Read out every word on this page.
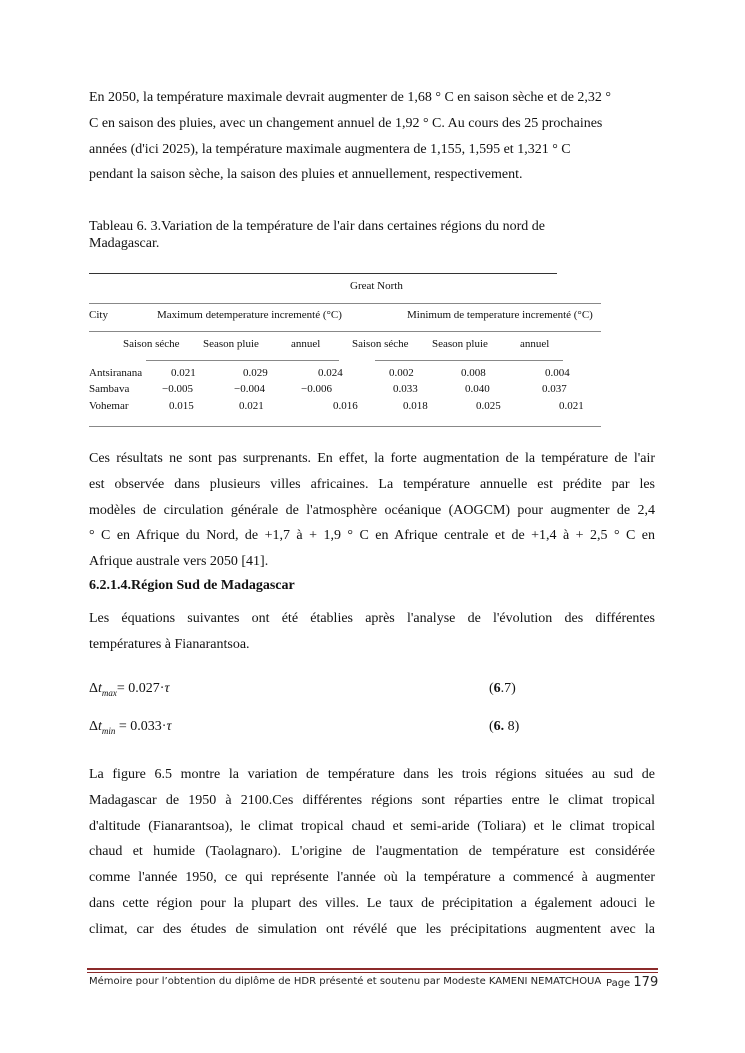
En 2050, la température maximale devrait augmenter de 1,68 ° C en saison sèche et de 2,32 °
C en saison des pluies, avec un changement annuel de 1,92 ° C. Au cours des 25 prochaines
années (d'ici 2025), la température maximale augmentera de 1,155, 1,595 et 1,321 ° C
pendant la saison sèche, la saison des pluies et annuellement, respectivement.
Tableau 6. 3.Variation de la température de l'air dans certaines régions du nord de Madagascar.
Great North
City	Maximum detemperature incrementé (°C)	Minimum de temperature incrementé (°C)
Saison séche Season pluie	annuel	Saison séche Season pluie	annuel
Antsiranana	0.021	0.029	0.024	0.002	0.008	0.004
Sambava	−0.005	−0.004	−0.006	0.033	0.040	0.037
Vohemar	0.015	0.021	0.016	0.018	0.025	0.021
Ces résultats ne sont pas surprenants. En effet, la forte augmentation de la température de l'air
est observée dans plusieurs villes africaines. La température annuelle est prédite par les
modèles de circulation générale de l'atmosphère océanique (AOGCM) pour augmenter de 2,4
° C en Afrique du Nord, de +1,7 à + 1,9 ° C en Afrique centrale et de +1,4 à + 2,5 ° C en
Afrique australe vers 2050 [41].
6.2.1.4.Région Sud de Madagascar
Les équations suivantes ont été établies après l'analyse de l'évolution des différentes
températures à Fianarantsoa.
$\Delta t_{max}= 0.027\cdot\tau$	(6.7)
$\Delta t_{min} = 0.033\cdot\tau$	(6. 8)
La figure 6.5 montre la variation de température dans les trois régions situées au sud de
Madagascar de 1950 à 2100.Ces différentes régions sont réparties entre le climat tropical
d'altitude (Fianarantsoa), le climat tropical chaud et semi-aride (Toliara) et le climat tropical
chaud et humide (Taolagnaro). L'origine de l'augmentation de température est considérée
comme l'année 1950, ce qui représente l'année où la température a commencé à augmenter
dans cette région pour la plupart des villes. Le taux de précipitation a également adouci le
climat, car des études de simulation ont révélé que les précipitations augmentent avec la
Mémoire pour l’obtention du diplôme de HDR présenté et soutenu par Modeste KAMENI NEMATCHOUA Page 179
